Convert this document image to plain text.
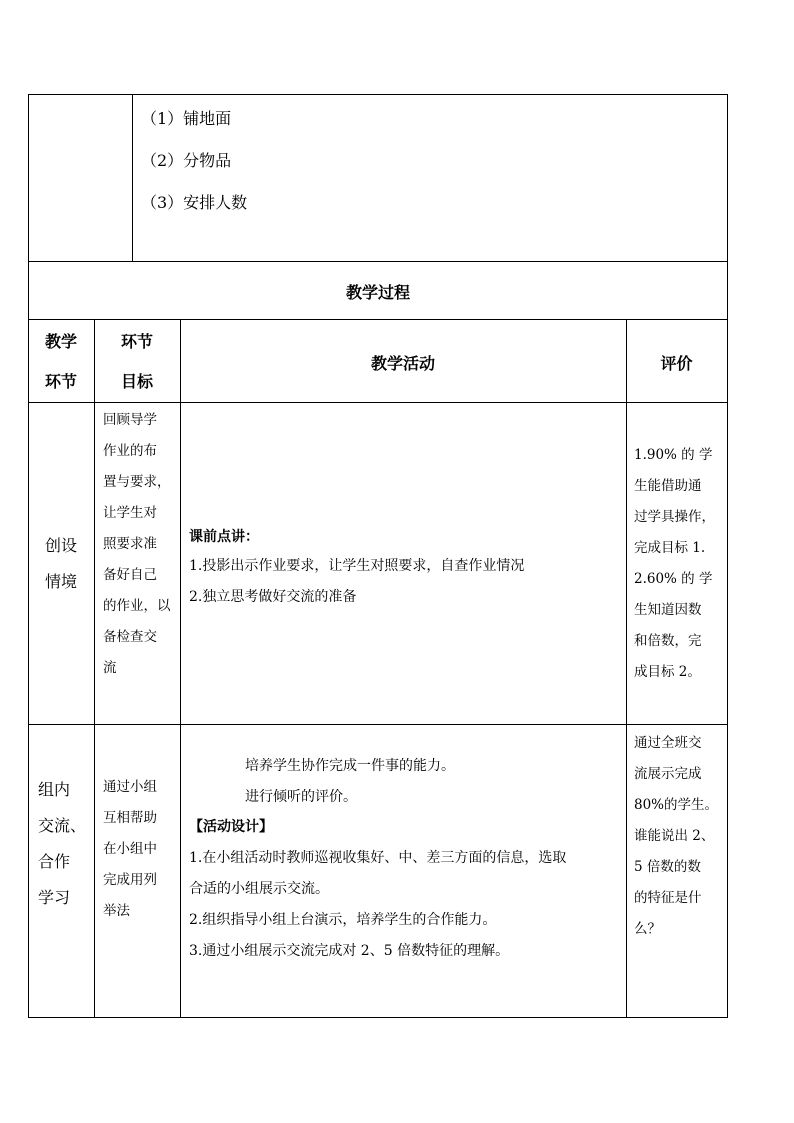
（1）铺地面
（2）分物品
（3）安排人数
教学过程
教学
环节
环节
目标
教学活动	评价
创设
情境
回顾导学
作业的布
置与要求，
让学生对
照要求准
备好自己
的作业，以
备检查交
流
课前点讲：
1.投影出示作业要求，让学生对照要求，自查作业情况
2.独立思考做好交流的准备
1.90% 的 学
生能借助通
过学具操作，
完成目标 1.
2.60% 的 学
生知道因数
和倍数，完
成目标 2。
组内
交流、
合作
学习
通过小组
互相帮助
在小组中
完成用列
举法
培养学生协作完成一件事的能力。
进行倾听的评价。
【活动设计】
1.在小组活动时教师巡视收集好、中、差三方面的信息，选取
合适的小组展示交流。
2.组织指导小组上台演示，培养学生的合作能力。
3.通过小组展示交流完成对 2、5 倍数特征的理解。
通过全班交
流展示完成
80%的学生。
谁能说出 2、
5 倍数的数
的特征是什
么？
